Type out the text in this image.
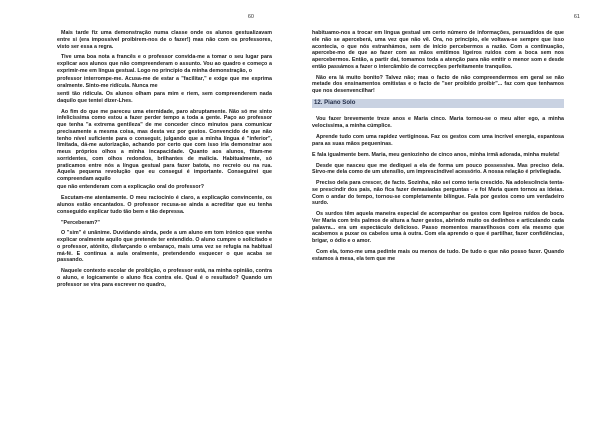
60

Mais tarde fiz uma demonstração numa classe onde os alunos gestualizavam entre si (era impossível proibirem-nos de o fazer!) mas não com os professores, visto ser essa a regra.

Tive uma boa nota a francês e o professor convida-me a tomar o seu lugar para explicar aos alunos que não compreenderam o assunto. Vou ao quadro e começo a exprimir-me em língua gestual. Logo no princípio da minha demonstração, o

professor interrompe-me. Acusa-me de estar a "facilitar," e exige que me exprima oralmente. Sinto-me ridícula. Nunca me

senti tão ridícula. Os alunos olham para mim e riem, sem compreenderem nada daquilo que tentei dizer-Lhes.

Ao fim do que me pareceu uma eternidade, paro abruptamente. Não só me sinto infelicíssima como estou a fazer perder tempo a toda a gente. Paço ao professor que tenha "a extrema gentileza" de me conceder cinco minutos para comunicar precisamente a mesma coisa, mas desta vez por gestos. Convencido de que não tenho nível suficiente para o conseguir, julgando que a minha língua é "inferior", limitada, dá-me autorização, achando por certo que com isso iria demonstrar aos meus próprios olhos a minha incapacidade. Quanto aos alunos, fitam-me sorridentes, com olhos redondos, brilhantes de malícia. Habitualmente, só praticamos entre nós a língua gestual para fazer batota, no recreio ou na rua. Aquela pequena revolução que eu consegui é importante. Conseguirei que compreendam aquilo

que não entenderam com a explicação oral do professor?

Escutam-me atentamente. O meu raciocínio é claro, a explicação convincente, os alunos estão encantados. O professor recusa-se ainda a acreditar que eu tenha conseguido explicar tudo tão bem e tão depressa.

"Perceberam?"

O "sim" é unânime. Duvidando ainda, pede a um aluno em tom irónico que venha explicar oralmente aquilo que pretende ter entendido. O aluno cumpre o solicitado e o professor, atónito, disfarçando o embaraço, mais uma vez se refugia na habitual má-fé. E continua a aula oralmente, pretendendo esquecer o que acaba se passando.

Naquele contexto escolar de proibição, o professor está, na minha opinião, contra o aluno, e logicamente o aluno fica contra ele. Qual é o resultado? Quando um professor se vira para escrever no quadro,

61

habituamo-nos a trocar em língua gestual um certo número de informações, persuadidos de que ele não se aperceberá, uma vez que não vê. Ora, no princípio, ele voltava-se sempre que isso acontecia, o que nós estranhámos, sem de início percebermos a razão. Com a continuação, apercebe-mo de que ao fazer com as mãos emitimos ligeiros ruídos com a boca sem nos apercebermos. Então, a partir daí, tomamos toda a atenção para não emitir o menor som e desde então passámos a fazer o intercâmbio de correcções perfeitamente tranquilos.

Não era lá muito bonito? Talvez não; mas o facto de não compreendermos em geral se não metade dos ensinamentos omitistas e o facto de "ser proibido proibir"... faz com que tenhamos que nos desenvencilhar!

12. Piano Solo

Vou fazer brevemente treze anos e Maria cinco. Maria tornou-se o meu alter ego, a minha velocíssima, a minha cúmplice.

Aprende tudo com uma rapidez vertiginosa. Faz os gestos com uma incrível energia, espantosa para as suas mãos pequeninas.

E fala igualmente bem. Maria, meu geniozinho de cinco anos, minha irmã adorada, minha muleta!

Desde que nasceu que me dediquei a ela de forma um pouco possessiva. Mas preciso dela. Sirvo-me dela como de um utensílio, um imprescindível acessório. A nossa relação é privilegiada.

Preciso dela para crescer, de facto. Sozinha, não sei como teria crescido. Na adolescência tenta-se prescindir dos pais, não fica fazer demasiadas perguntas - e foi Maria quem tornou as ideias. Com o andar do tempo, tornou-se completamente bilíngue. Fala por gestos como um verdadeiro surdo.

Os surdos têm aquela maneira especial de acompanhar os gestos com ligeiros ruídos de boca. Ver Maria com três palmos de altura a fazer gestos, abrindo muito os dedinhos e articulando cada palavra... era um espectáculo delicioso. Passo momentos maravilhosos com ela mesmo que acabemos a puxar os cabelos uma à outra. Com ela aprendo o que é partilhar, fazer confidências, brigar, o ódio e o amor.

Com ela, tomo-me uma pedinte mais ou menos de tudo. De tudo o que não posso fazer. Quando estamos à mesa, ela tem que me
